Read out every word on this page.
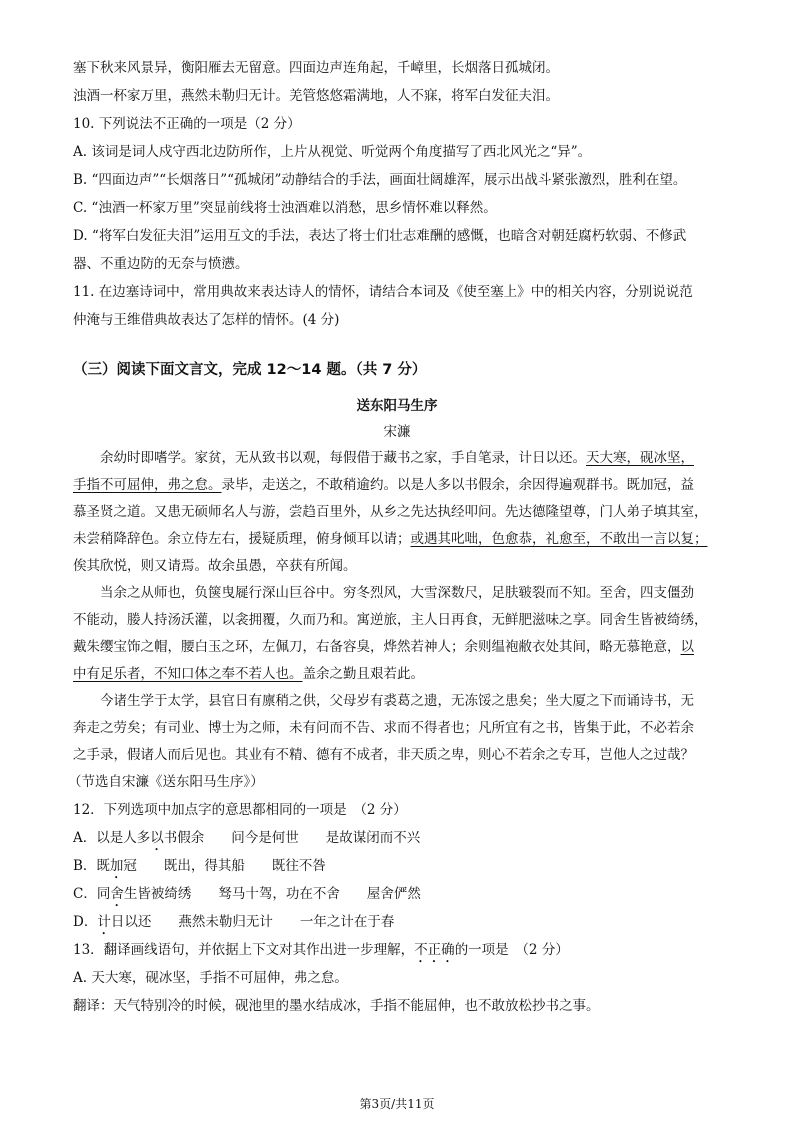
塞下秋来风景异，衡阳雁去无留意。四面边声连角起，千嶂里，长烟落日孤城闭。
浊酒一杯家万里，燕然未勒归无计。羌管悠悠霜满地，人不寐，将军白发征夫泪。
10. 下列说法不正确的一项是（2 分）
A. 该词是词人戍守西北边防所作，上片从视觉、听觉两个角度描写了西北风光之“异”。
B. “四面边声”“长烟落日”“孤城闭”动静结合的手法，画面壮阔雄浑，展示出战斗紧张激烈，胜利在望。
C. “浊酒一杯家万里”突显前线将士浊酒难以消愁，思乡情怀难以释然。
D. “将军白发征夫泪”运用互文的手法，表达了将士们壮志难酬的感慨，也暗含对朝廷腐朽软弱、不修武
器、不重边防的无奈与愤懑。
11. 在边塞诗词中，常用典故来表达诗人的情怀，请结合本词及《使至塞上》中的相关内容，分别说说范
仲淹与王维借典故表达了怎样的情怀。(4 分)
（三）阅读下面文言文，完成 12～14 题。（共 7 分）
送东阳马生序
宋濂
　　余幼时即嗜学。家贫，无从致书以观，每假借于藏书之家，手自笔录，计日以还。天大寒，砚冰坚，
手指不可屈伸，弗之怠。录毕，走送之，不敢稍逾约。以是人多以书假余，余因得遍观群书。既加冠，益
慕圣贤之道。又患无硕师名人与游，尝趋百里外，从乡之先达执经叩问。先达德隆望尊，门人弟子填其室，
未尝稍降辞色。余立侍左右，援疑质理，俯身倾耳以请；或遇其叱咄，色愈恭，礼愈至，不敢出一言以复；
俟其欣悦，则又请焉。故余虽愚，卒获有所闻。
　　当余之从师也，负箧曳屣行深山巨谷中。穷冬烈风，大雪深数尺，足肤皲裂而不知。至舍，四支僵劲
不能动，媵人持汤沃灌，以衾拥覆，久而乃和。寓逆旅，主人日再食，无鲜肥滋味之享。同舍生皆被绮绣，
戴朱缨宝饰之帽，腰白玉之环，左佩刀，右备容臭，烨然若神人；余则缊袍敝衣处其间，略无慕艳意，以
中有足乐者，不知口体之奉不若人也。盖余之勤且艰若此。
　　今诸生学于太学，县官日有廪稍之供，父母岁有裘葛之遗，无冻馁之患矣；坐大厦之下而诵诗书，无
奔走之劳矣；有司业、博士为之师，未有问而不告、求而不得者也；凡所宜有之书，皆集于此，不必若余
之手录，假诸人而后见也。其业有不精、德有不成者，非天质之卑，则心不若余之专耳，岂他人之过哉？
（节选自宋濂《送东阳马生序》）
12．下列选项中加点字的意思都相同的一项是　（2 分）
A．以是人多以书假余　　问今是何世　　是故谋闭而不兴
B．既加冠　　既出，得其船　　既往不咎
C．同舍生皆被绮绣　　驽马十驾，功在不舍　　屋舍俨然
D．计日以还　　燕然未勒归无计　　一年之计在于春
13．翻译画线语句，并依据上下文对其作出进一步理解，不正确的一项是　（2 分）
A. 天大寒，砚冰坚，手指不可屈伸，弗之怠。
翻译：天气特别冷的时候，砚池里的墨水结成冰，手指不能屈伸，也不敢放松抄书之事。
第3页/共11页
